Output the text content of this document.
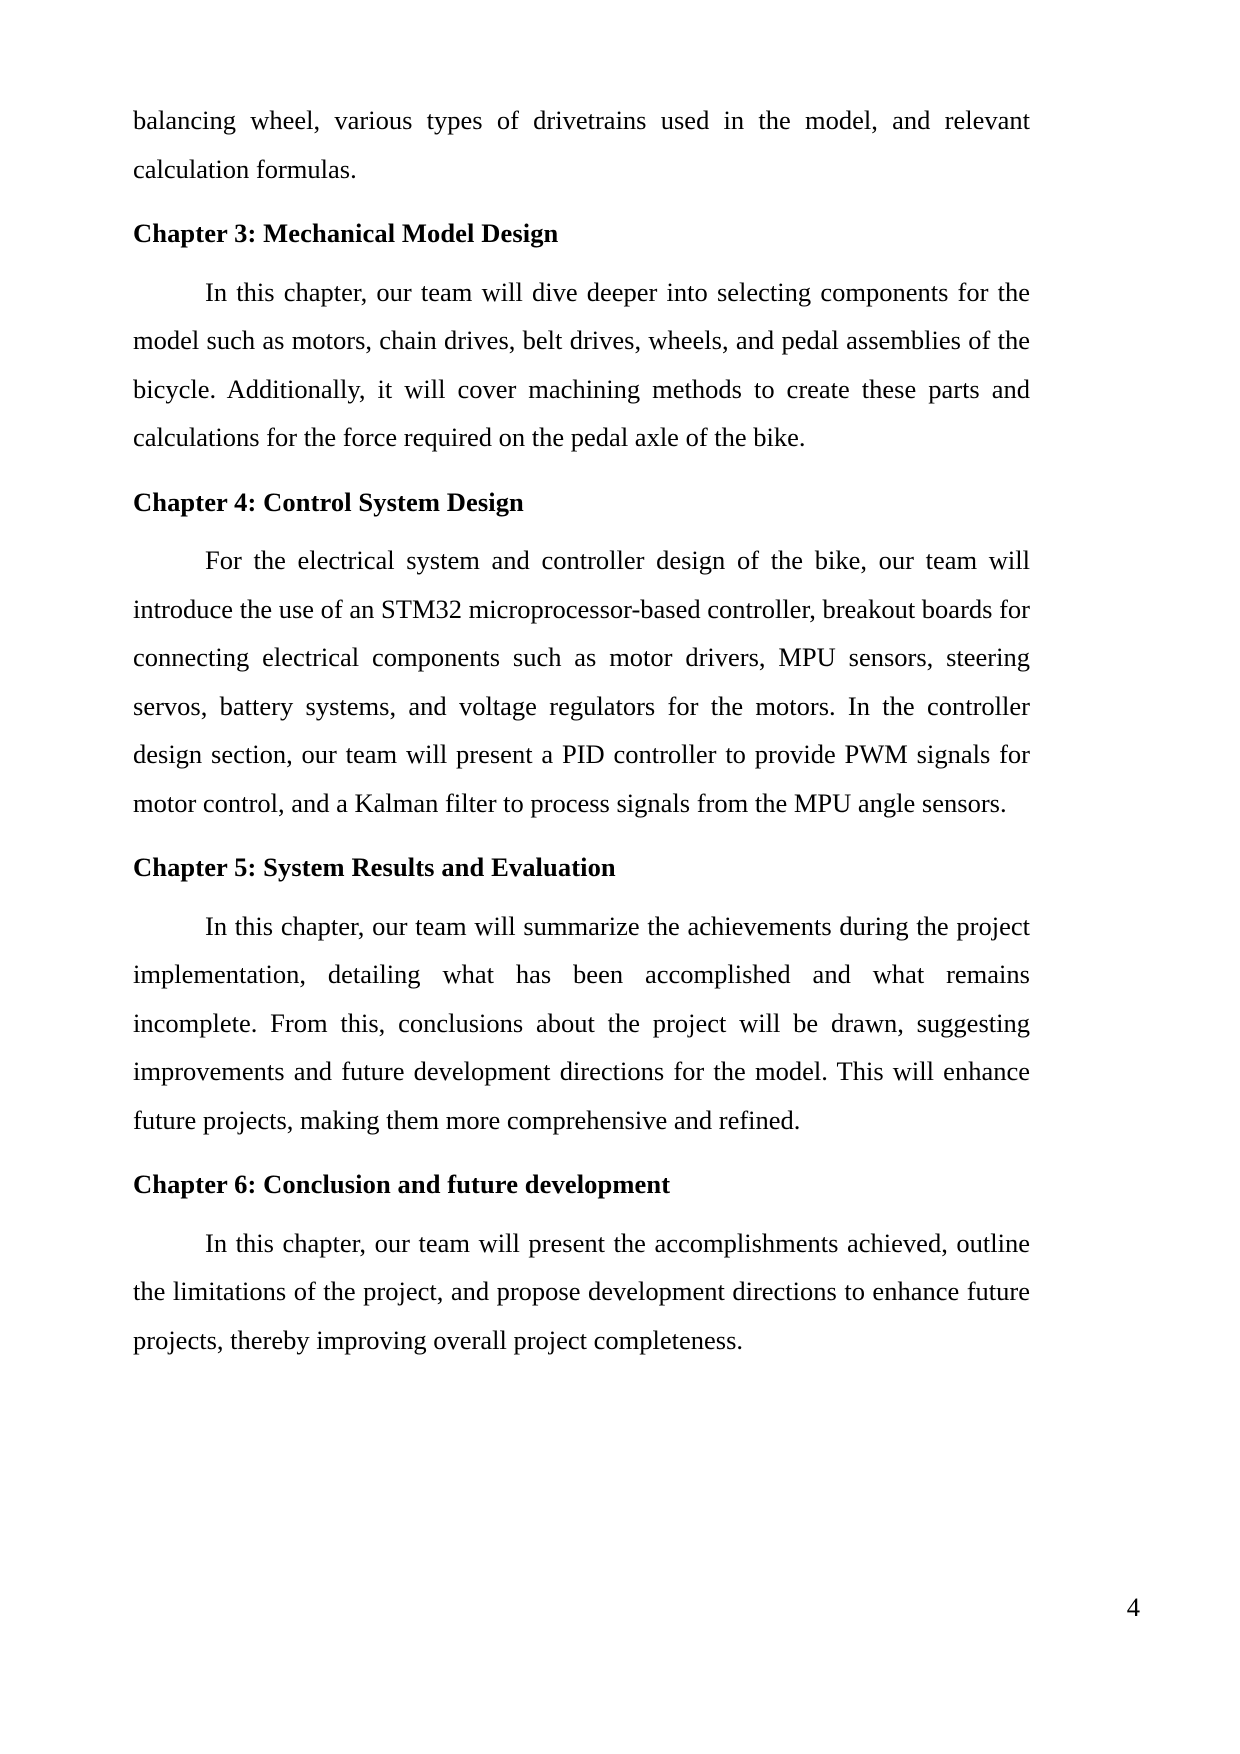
balancing wheel, various types of drivetrains used in the model, and relevant calculation formulas.

Chapter 3: Mechanical Model Design

In this chapter, our team will dive deeper into selecting components for the model such as motors, chain drives, belt drives, wheels, and pedal assemblies of the bicycle. Additionally, it will cover machining methods to create these parts and calculations for the force required on the pedal axle of the bike.

Chapter 4: Control System Design

For the electrical system and controller design of the bike, our team will introduce the use of an STM32 microprocessor-based controller, breakout boards for connecting electrical components such as motor drivers, MPU sensors, steering servos, battery systems, and voltage regulators for the motors. In the controller design section, our team will present a PID controller to provide PWM signals for motor control, and a Kalman filter to process signals from the MPU angle sensors.

Chapter 5: System Results and Evaluation

In this chapter, our team will summarize the achievements during the project implementation, detailing what has been accomplished and what remains incomplete. From this, conclusions about the project will be drawn, suggesting improvements and future development directions for the model. This will enhance future projects, making them more comprehensive and refined.

Chapter 6: Conclusion and future development

In this chapter, our team will present the accomplishments achieved, outline the limitations of the project, and propose development directions to enhance future projects, thereby improving overall project completeness.

4
